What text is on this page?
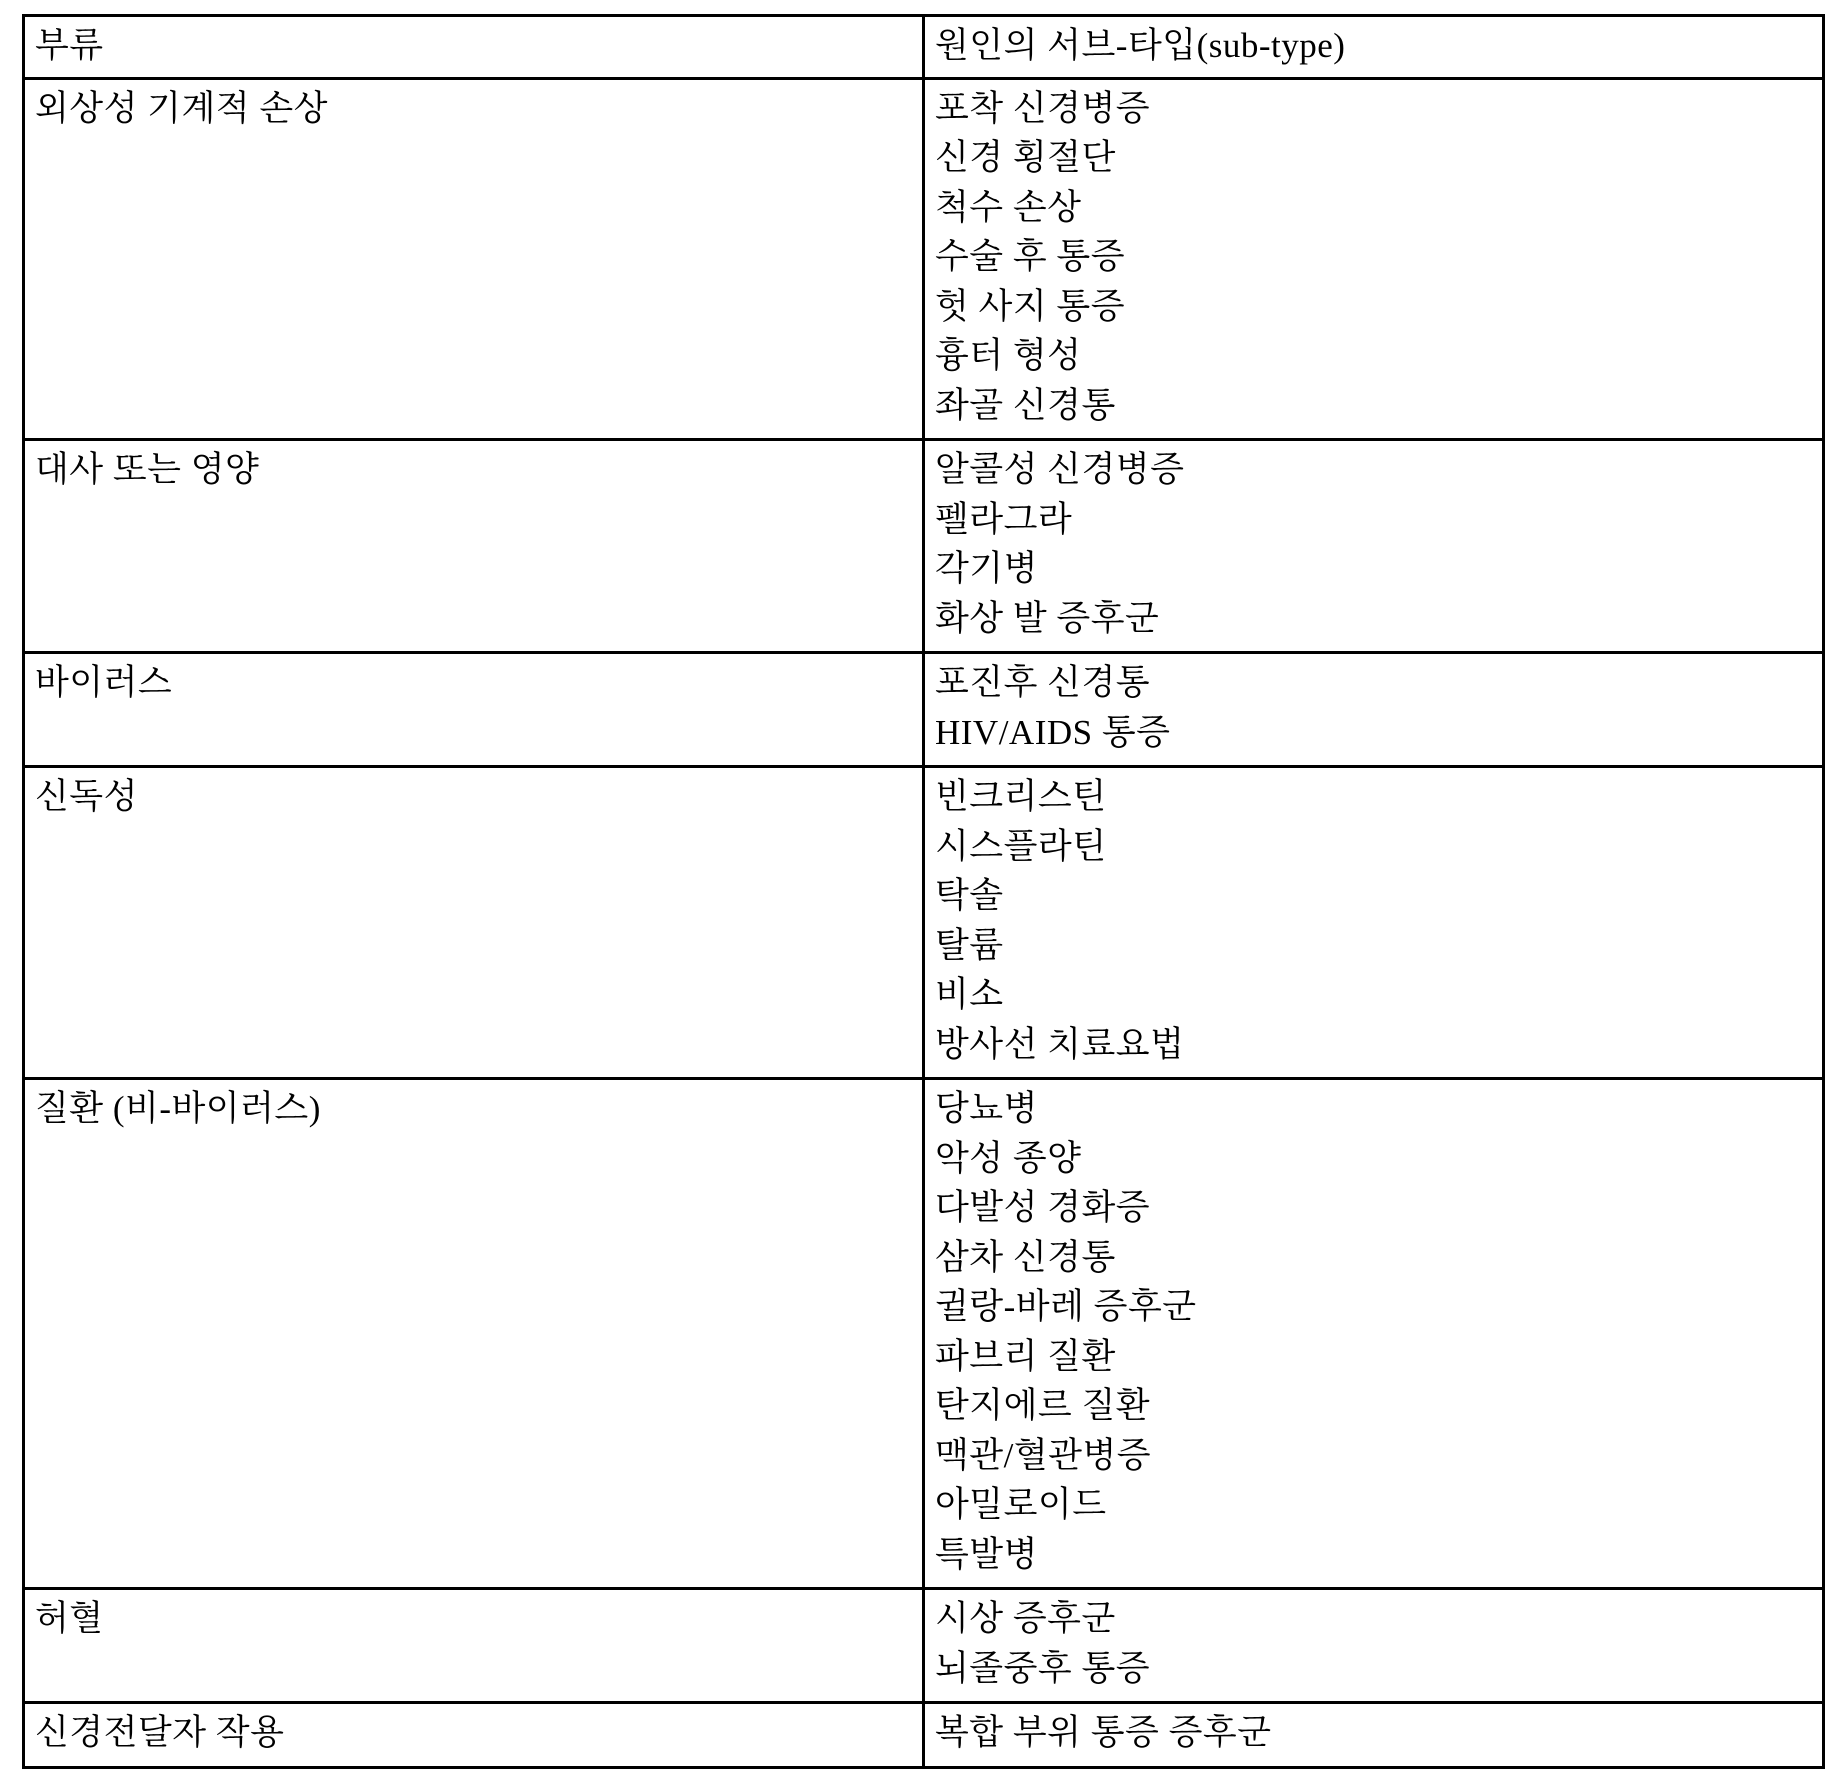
부류	원인의 서브-타입(sub-type)
외상성 기계적 손상	포착 신경병증
신경 횡절단
척수 손상
수술 후 통증
헛 사지 통증
흉터 형성
좌골 신경통

대사 또는 영양	알콜성 신경병증
펠라그라
각기병
화상 발 증후군

바이러스	포진후 신경통
HIV/AIDS 통증

신독성	빈크리스틴
시스플라틴
탁솔
탈륨
비소
방사선 치료요법

질환 (비-바이러스)	당뇨병
악성 종양
다발성 경화증
삼차 신경통
귈랑-바레 증후군
파브리 질환
탄지에르 질환
맥관/혈관병증
아밀로이드
특발병

허혈	시상 증후군
뇌졸중후 통증

신경전달자 작용	복합 부위 통증 증후군
